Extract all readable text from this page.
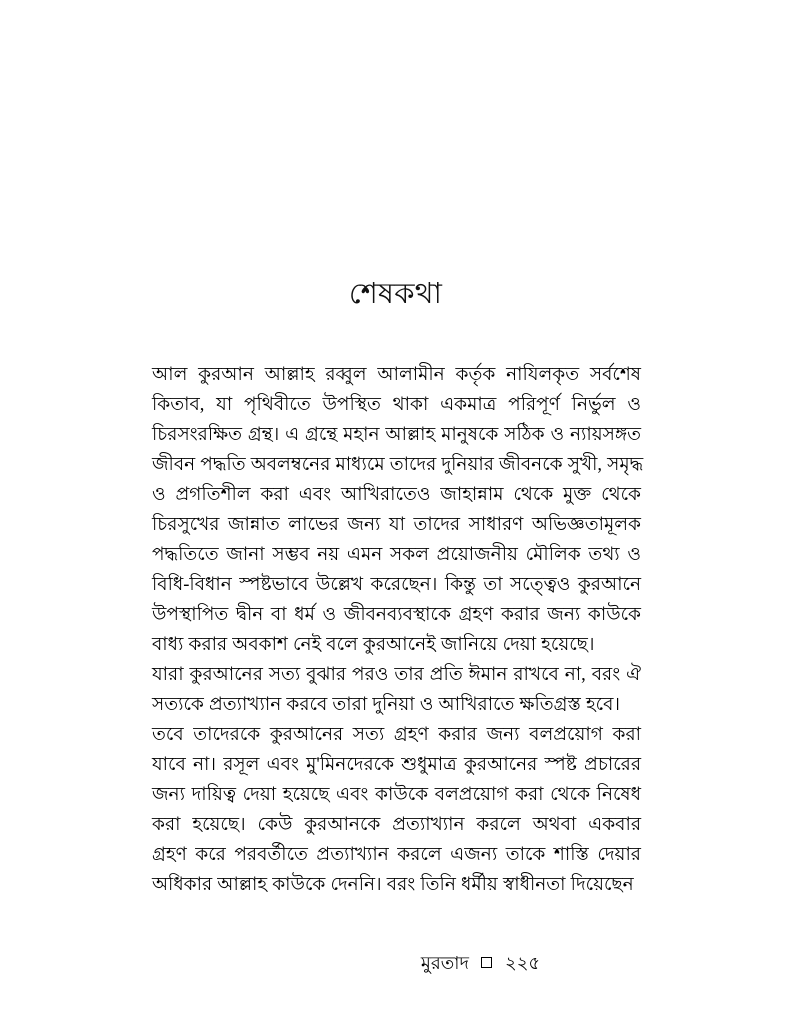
শেষকথা

আল কুরআন আল্লাহ রব্বুল আলামীন কর্তৃক নাযিলকৃত সর্বশেষ
কিতাব, যা পৃথিবীতে উপস্থিত থাকা একমাত্র পরিপূর্ণ নির্ভুল ও
চিরসংরক্ষিত গ্রন্থ। এ গ্রন্থে মহান আল্লাহ মানুষকে সঠিক ও ন্যায়সঙ্গত
জীবন পদ্ধতি অবলম্বনের মাধ্যমে তাদের দুনিয়ার জীবনকে সুখী, সমৃদ্ধ
ও প্রগতিশীল করা এবং আখিরাতেও জাহান্নাম থেকে মুক্ত থেকে
চিরসুখের জান্নাত লাভের জন্য যা তাদের সাধারণ অভিজ্ঞতামূলক
পদ্ধতিতে জানা সম্ভব নয় এমন সকল প্রয়োজনীয় মৌলিক তথ্য ও
বিধি-বিধান স্পষ্টভাবে উল্লেখ করেছেন। কিন্তু তা সত্ত্বেও কুরআনে
উপস্থাপিত দ্বীন বা ধর্ম ও জীবনব্যবস্থাকে গ্রহণ করার জন্য কাউকে
বাধ্য করার অবকাশ নেই বলে কুরআনেই জানিয়ে দেয়া হয়েছে।
যারা কুরআনের সত্য বুঝার পরও তার প্রতি ঈমান রাখবে না, বরং ঐ
সত্যকে প্রত্যাখ্যান করবে তারা দুনিয়া ও আখিরাতে ক্ষতিগ্রস্ত হবে।
তবে তাদেরকে কুরআনের সত্য গ্রহণ করার জন্য বলপ্রয়োগ করা
যাবে না। রসূল এবং মু'মিনদেরকে শুধুমাত্র কুরআনের স্পষ্ট প্রচারের
জন্য দায়িত্ব দেয়া হয়েছে এবং কাউকে বলপ্রয়োগ করা থেকে নিষেধ
করা হয়েছে। কেউ কুরআনকে প্রত্যাখ্যান করলে অথবা একবার
গ্রহণ করে পরবর্তীতে প্রত্যাখ্যান করলে এজন্য তাকে শাস্তি দেয়ার
অধিকার আল্লাহ কাউকে দেননি। বরং তিনি ধর্মীয় স্বাধীনতা দিয়েছেন

মুরতাদ ২২৫
